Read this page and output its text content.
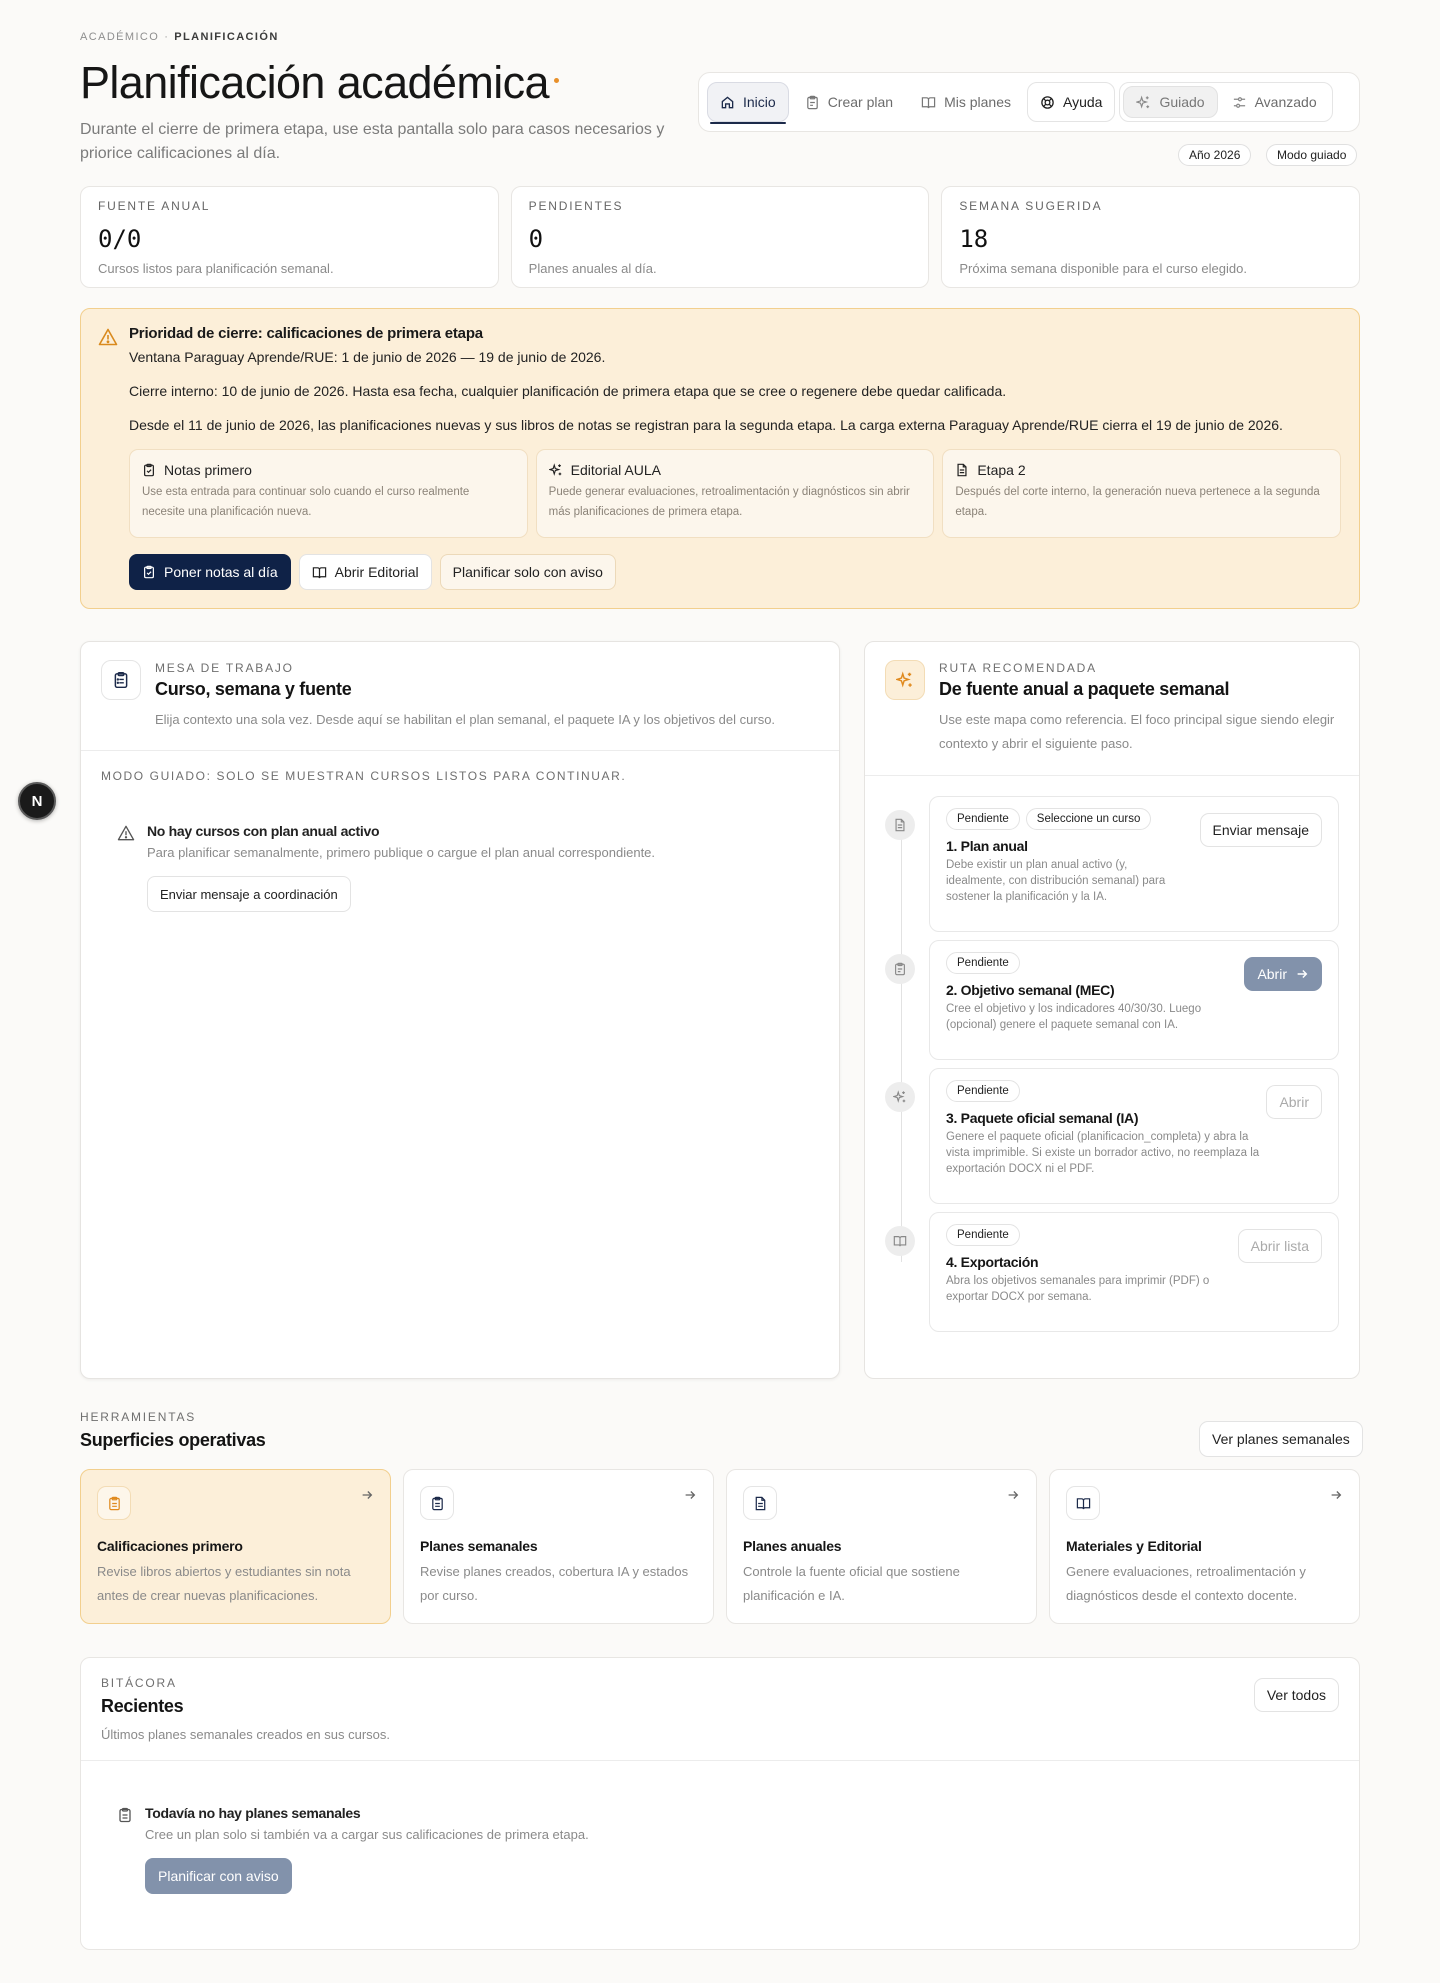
ACADÉMICO · PLANIFICACIÓN
Planificación académica

Durante el cierre de primera etapa, use esta pantalla solo para casos necesarios y priorice calificaciones al día.

Inicio	Crear plan	Mis planes	Ayuda	Guiado	Avanzado
Año 2026	Modo guiado
FUENTE ANUAL
0/0
Cursos listos para planificación semanal.
PENDIENTES
0
Planes anuales al día.
SEMANA SUGERIDA
18
Próxima semana disponible para el curso elegido.
Prioridad de cierre: calificaciones de primera etapa
Ventana Paraguay Aprende/RUE: 1 de junio de 2026 — 19 de junio de 2026.
Cierre interno: 10 de junio de 2026. Hasta esa fecha, cualquier planificación de primera etapa que se cree o regenere debe quedar calificada.
Desde el 11 de junio de 2026, las planificaciones nuevas y sus libros de notas se registran para la segunda etapa. La carga externa Paraguay Aprende/RUE cierra el 19 de junio de 2026.
Notas primero
Use esta entrada para continuar solo cuando el curso realmente necesite una planificación nueva.
Editorial AULA
Puede generar evaluaciones, retroalimentación y diagnósticos sin abrir más planificaciones de primera etapa.
Etapa 2
Después del corte interno, la generación nueva pertenece a la segunda etapa.
Poner notas al día	Abrir Editorial Planificar solo con aviso
MESA DE TRABAJO
Curso, semana y fuente
Elija contexto una sola vez. Desde aquí se habilitan el plan semanal, el paquete IA y los objetivos del curso.
MODO GUIADO: SOLO SE MUESTRAN CURSOS LISTOS PARA CONTINUAR.
No hay cursos con plan anual activo
Para planificar semanalmente, primero publique o cargue el plan anual correspondiente.
Enviar mensaje a coordinación
RUTA RECOMENDADA
De fuente anual a paquete semanal
Use este mapa como referencia. El foco principal sigue siendo elegir contexto y abrir el siguiente paso.
Pendiente	Seleccione un curso
1. Plan anual
Debe existir un plan anual activo (y, idealmente, con distribución semanal) para sostener la planificación y la IA.
Enviar mensaje
Pendiente
2. Objetivo semanal (MEC)
Cree el objetivo y los indicadores 40/30/30. Luego (opcional) genere el paquete semanal con IA.
Abrir
Pendiente
3. Paquete oficial semanal (IA)
Genere el paquete oficial (planificacion_completa) y abra la vista imprimible. Si existe un borrador activo, no reemplaza la exportación DOCX ni el PDF.
Abrir
Pendiente
4. Exportación
Abra los objetivos semanales para imprimir (PDF) o exportar DOCX por semana.
Abrir lista
HERRAMIENTAS
Superficies operativas	Ver planes semanales
Calificaciones primero
Revise libros abiertos y estudiantes sin nota antes de crear nuevas planificaciones.
Planes semanales
Revise planes creados, cobertura IA y estados por curso.
Planes anuales
Controle la fuente oficial que sostiene planificación e IA.
Materiales y Editorial
Genere evaluaciones, retroalimentación y diagnósticos desde el contexto docente.
BITÁCORA
Recientes
Últimos planes semanales creados en sus cursos.
Ver todos
Todavía no hay planes semanales
Cree un plan solo si también va a cargar sus calificaciones de primera etapa.
Planificar con aviso
N
